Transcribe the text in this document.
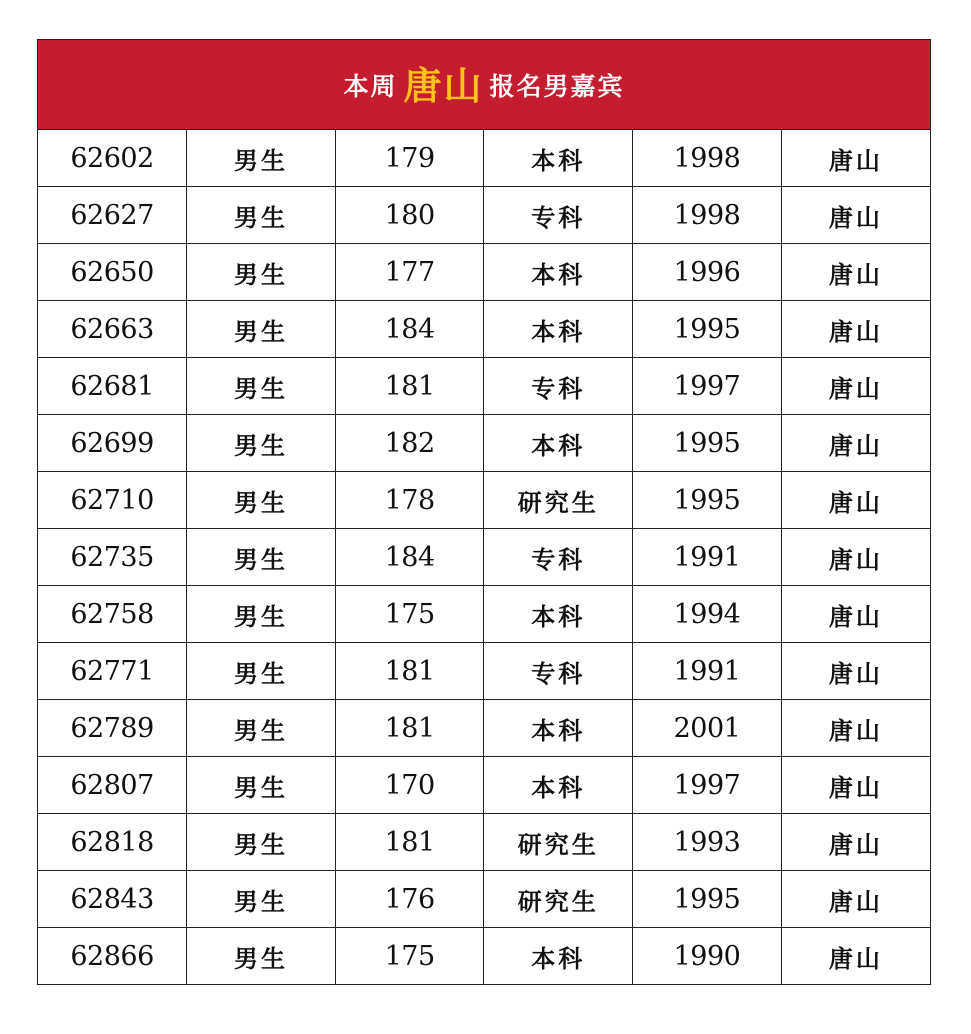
本周 唐山 报名男嘉宾
62602	男生	179	本科	1998	唐山
62627	男生	180	专科	1998	唐山
62650	男生	177	本科	1996	唐山
62663	男生	184	本科	1995	唐山
62681	男生	181	专科	1997	唐山
62699	男生	182	本科	1995	唐山
62710	男生	178	研究生	1995	唐山
62735	男生	184	专科	1991	唐山
62758	男生	175	本科	1994	唐山
62771	男生	181	专科	1991	唐山
62789	男生	181	本科	2001	唐山
62807	男生	170	本科	1997	唐山
62818	男生	181	研究生	1993	唐山
62843	男生	176	研究生	1995	唐山
62866	男生	175	本科	1990	唐山
